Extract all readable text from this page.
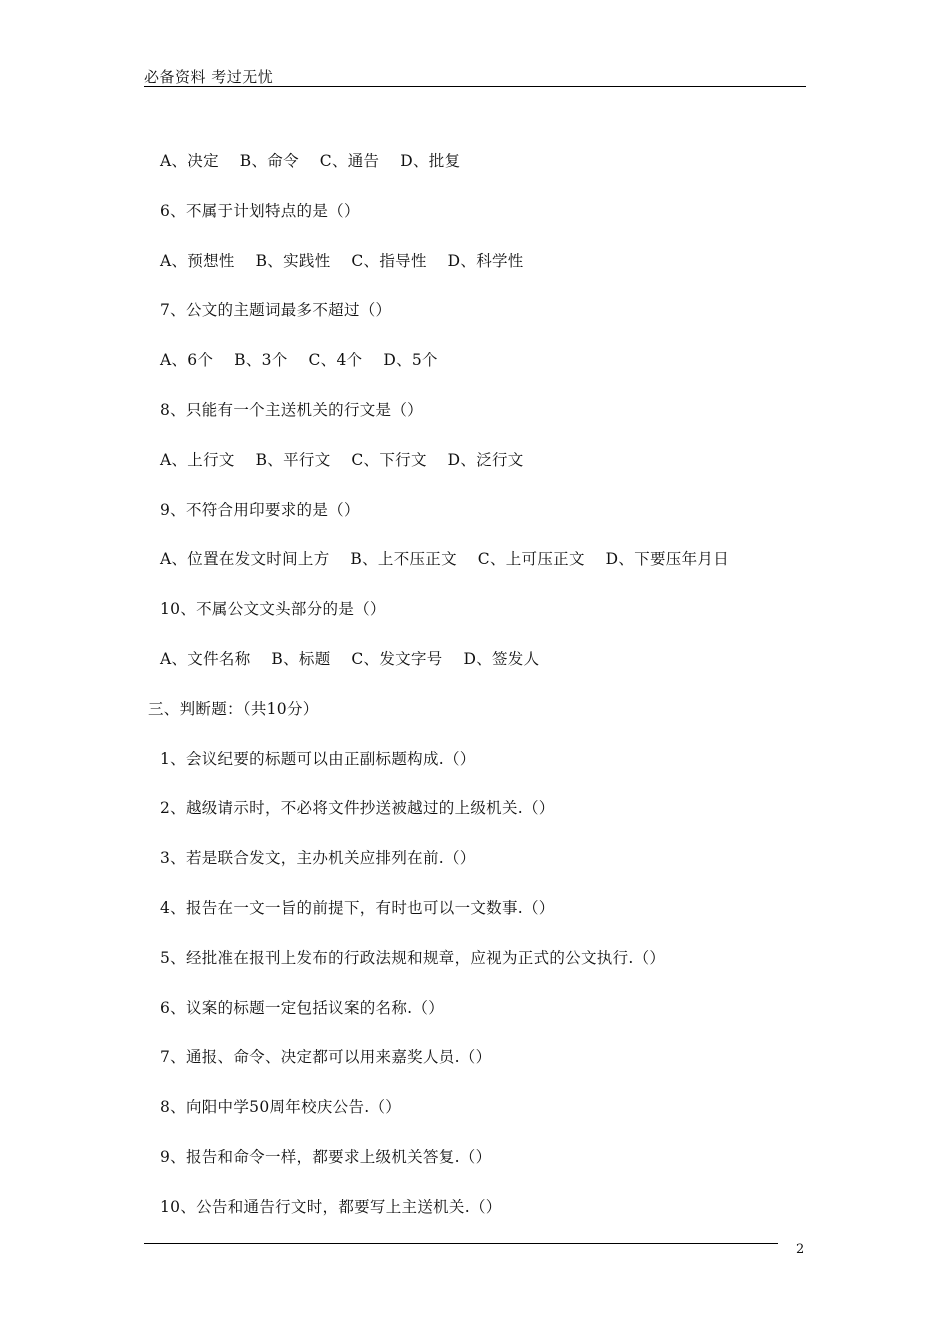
必备资料 考过无忧
A、决定    B、命令    C、通告    D、批复
6、不属于计划特点的是（）
A、预想性    B、实践性    C、指导性    D、科学性
7、公文的主题词最多不超过（）
A、6个    B、3个    C、4个    D、5个
8、只能有一个主送机关的行文是（）
A、上行文    B、平行文    C、下行文    D、泛行文
9、不符合用印要求的是（）
A、位置在发文时间上方    B、上不压正文    C、上可压正文    D、下要压年月日
10、不属公文文头部分的是（）
A、文件名称    B、标题    C、发文字号    D、签发人
三、判断题：（共10分）
1、会议纪要的标题可以由正副标题构成.（）
2、越级请示时，不必将文件抄送被越过的上级机关.（）
3、若是联合发文，主办机关应排列在前.（）
4、报告在一文一旨的前提下，有时也可以一文数事.（）
5、经批准在报刊上发布的行政法规和规章，应视为正式的公文执行.（）
6、议案的标题一定包括议案的名称.（）
7、通报、命令、决定都可以用来嘉奖人员.（）
8、向阳中学50周年校庆公告.（）
9、报告和命令一样，都要求上级机关答复.（）
10、公告和通告行文时，都要写上主送机关.（）
2
